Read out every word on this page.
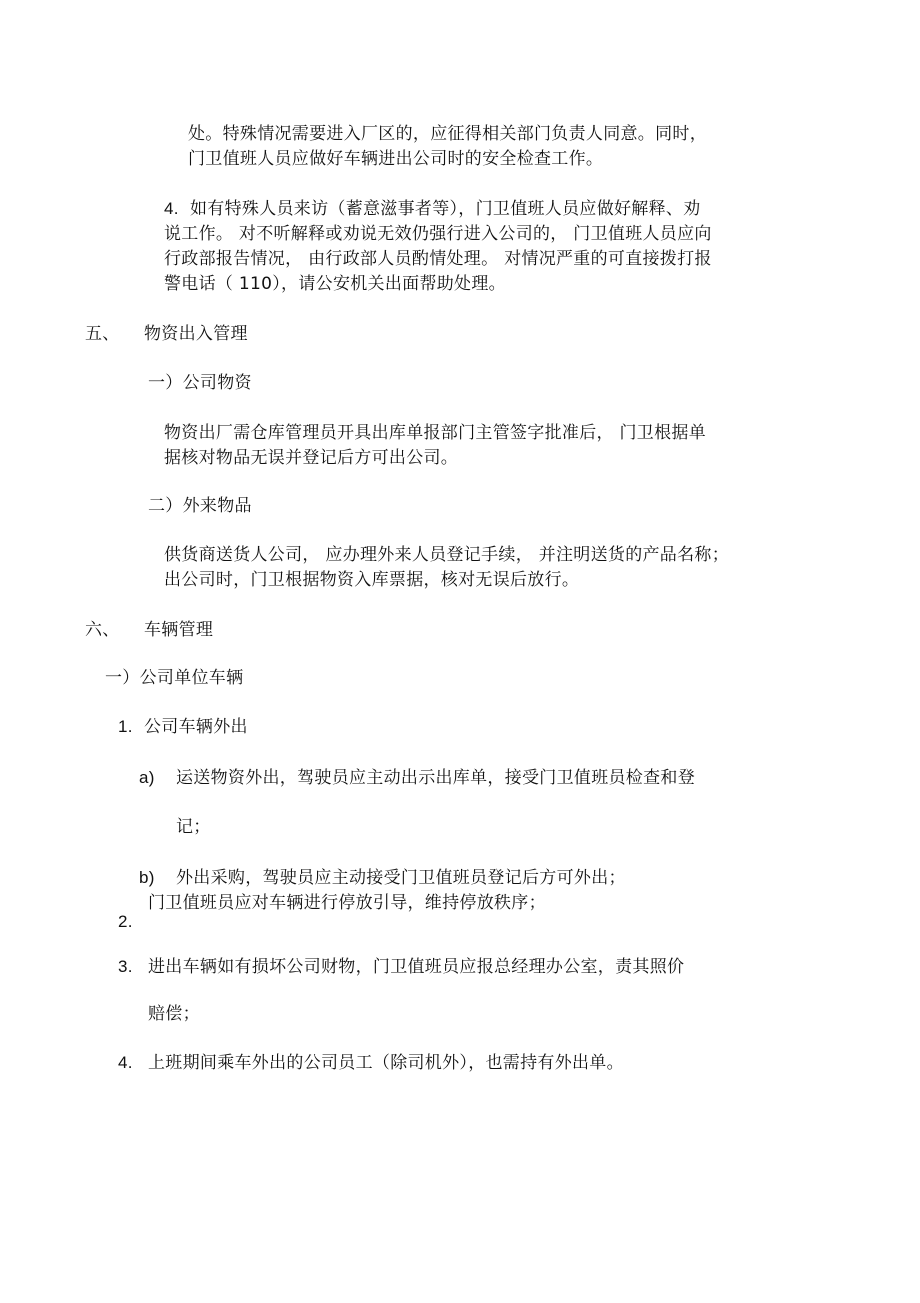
处。特殊情况需要进入厂区的，应征得相关部门负责人同意。同时，
门卫值班人员应做好车辆进出公司时的安全检查工作。
4. 如有特殊人员来访（蓄意滋事者等），门卫值班人员应做好解释、劝
说工作。 对不听解释或劝说无效仍强行进入公司的， 门卫值班人员应向
行政部报告情况， 由行政部人员酌情处理。 对情况严重的可直接拨打报
警电话（ 110），请公安机关出面帮助处理。
五、 物资出入管理
一）公司物资
物资出厂需仓库管理员开具出库单报部门主管签字批准后， 门卫根据单
据核对物品无误并登记后方可出公司。
二）外来物品
供货商送货人公司， 应办理外来人员登记手续， 并注明送货的产品名称；
出公司时，门卫根据物资入库票据，核对无误后放行。
六、 车辆管理
一）公司单位车辆
1. 公司车辆外出
a) 运送物资外出，驾驶员应主动出示出库单，接受门卫值班员检查和登
记；
b) 外出采购，驾驶员应主动接受门卫值班员登记后方可外出；
门卫值班员应对车辆进行停放引导，维持停放秩序；
2.
3. 进出车辆如有损坏公司财物，门卫值班员应报总经理办公室，责其照价
赔偿；
4. 上班期间乘车外出的公司员工（除司机外），也需持有外出单。
